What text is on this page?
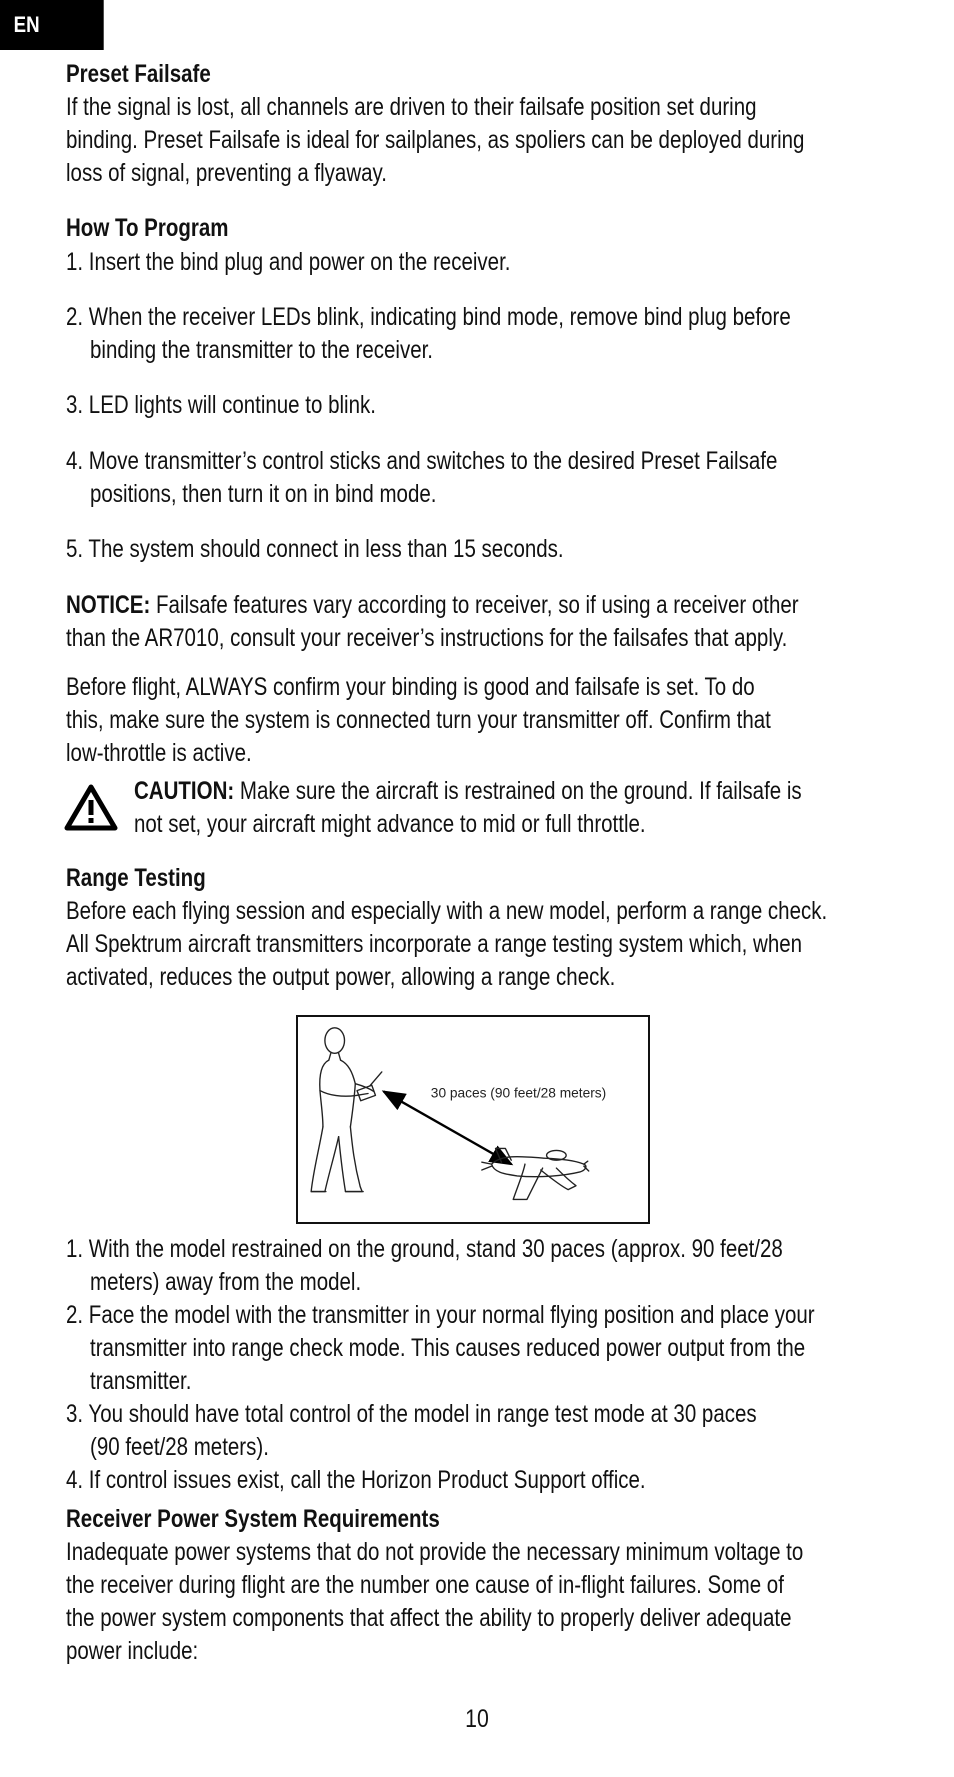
EN
Preset Failsafe

If the signal is lost, all channels are driven to their failsafe position set during

binding. Preset Failsafe is ideal for sailplanes, as spoliers can be deployed during

loss of signal, preventing a flyaway.

How To Program

1. Insert the bind plug and power on the receiver.

2. When the receiver LEDs blink, indicating bind mode, remove bind plug before

binding the transmitter to the receiver.

3. LED lights will continue to blink.

4. Move transmitter’s control sticks and switches to the desired Preset Failsafe

positions, then turn it on in bind mode.

5. The system should connect in less than 15 seconds.

NOTICE: Failsafe features vary according to receiver, so if using a receiver other

than the AR7010, consult your receiver’s instructions for the failsafes that apply.

Before flight, ALWAYS confirm your binding is good and failsafe is set. To do

this, make sure the system is connected turn your transmitter off. Confirm that

low-throttle is active.

CAUTION: Make sure the aircraft is restrained on the ground. If failsafe is

not set, your aircraft might advance to mid or full throttle.

Range Testing

Before each flying session and especially with a new model, perform a range check.

All Spektrum aircraft transmitters incorporate a range testing system which, when

activated, reduces the output power, allowing a range check.

30 paces (90 feet/28 meters)

1. With the model restrained on the ground, stand 30 paces (approx. 90 feet/28

meters) away from the model.

2. Face the model with the transmitter in your normal flying position and place your

transmitter into range check mode. This causes reduced power output from the

transmitter.

3. You should have total control of the model in range test mode at 30 paces

(90 feet/28 meters).

4. If control issues exist, call the Horizon Product Support office.

Receiver Power System Requirements

Inadequate power systems that do not provide the necessary minimum voltage to

the receiver during flight are the number one cause of in-flight failures. Some of

the power system components that affect the ability to properly deliver adequate

power include:

10
